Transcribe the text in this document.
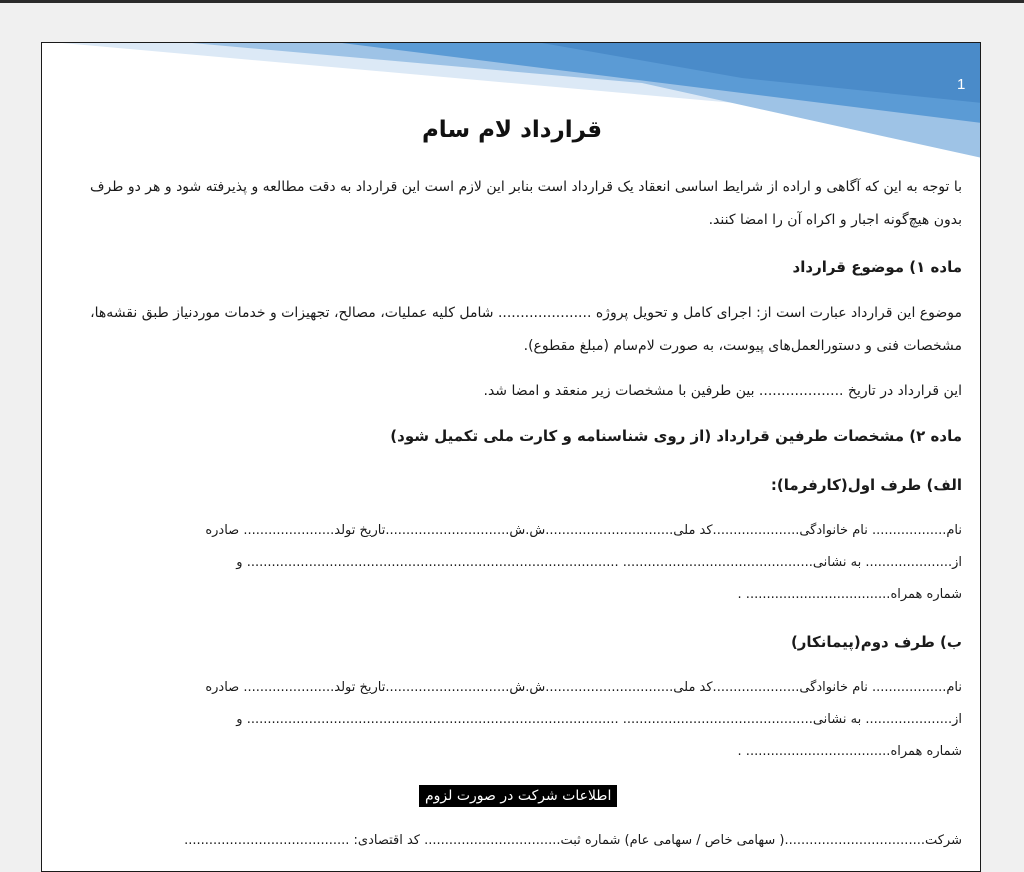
1
قرارداد لام سام
با توجه به این که آگاهی و اراده از شرایط اساسی انعقاد یک قرارداد است بنابر این لازم است این قرارداد به دقت مطالعه و پذیرفته شود و هر دو طرف
بدون هیچ‌گونه اجبار و اکراه آن را امضا کنند.
ماده ۱) موضوع قرارداد
موضوع این قرارداد عبارت است از: اجرای کامل و تحویل پروژه ..................... شامل کلیه عملیات، مصالح، تجهیزات و خدمات موردنیاز طبق نقشه‌ها،
مشخصات فنی و دستورالعمل‌های پیوست، به صورت لام‌سام (مبلغ مقطوع).
این قرارداد در تاریخ ................... بین طرفین با مشخصات زیر منعقد و امضا شد.
ماده ۲) مشخصات طرفین قرارداد (از روی شناسنامه و کارت ملی تکمیل شود)
الف) طرف اول(کارفرما):
نام.................. نام خانوادگی.....................کد ملی...............................ش.ش..............................تاریخ تولد...................... صادره
از..................... به نشانی.............................................. .......................................................................................... و
شماره همراه................................... .
ب) طرف دوم(پیمانکار)
نام.................. نام خانوادگی.....................کد ملی...............................ش.ش..............................تاریخ تولد...................... صادره
از..................... به نشانی.............................................. .......................................................................................... و
شماره همراه................................... .
اطلاعات شرکت در صورت لزوم
شرکت..................................( سهامی خاص / سهامی عام) شماره ثبت................................. کد اقتصادی: ........................................
